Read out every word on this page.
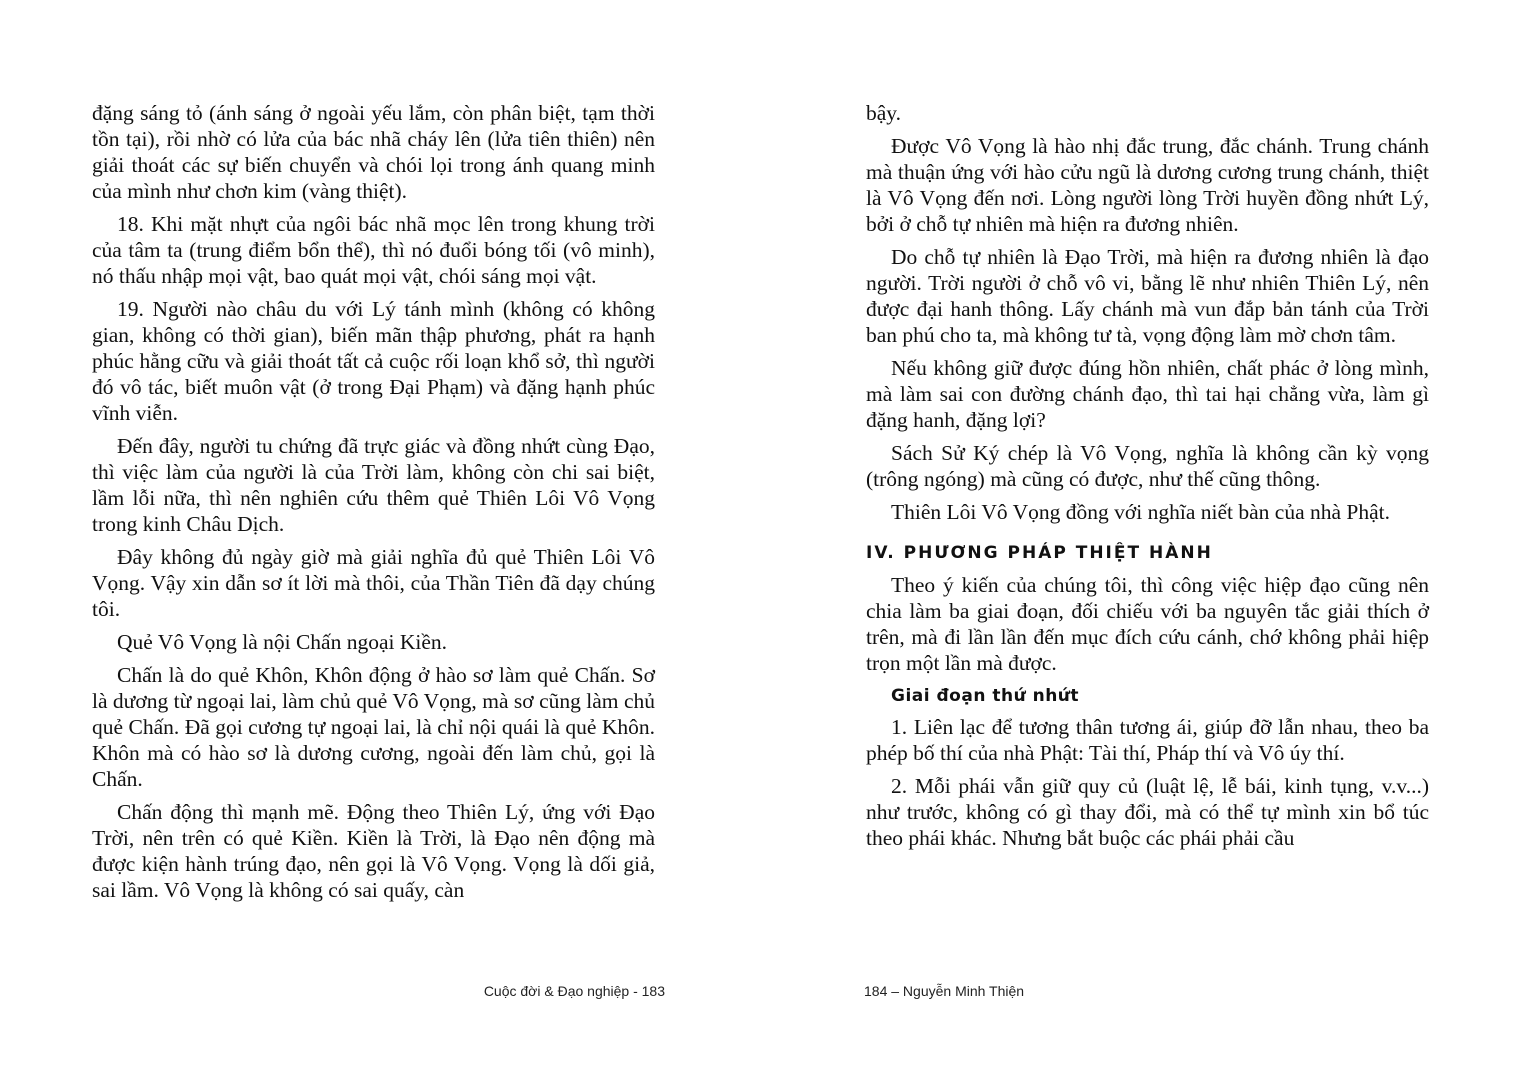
đặng sáng tỏ (ánh sáng ở ngoài yếu lắm, còn phân biệt, tạm thời tồn tại), rồi nhờ có lửa của bác nhã cháy lên (lửa tiên thiên) nên giải thoát các sự biến chuyển và chói lọi trong ánh quang minh của mình như chơn kim (vàng thiệt).

18. Khi mặt nhựt của ngôi bác nhã mọc lên trong khung trời của tâm ta (trung điểm bổn thể), thì nó đuổi bóng tối (vô minh), nó thấu nhập mọi vật, bao quát mọi vật, chói sáng mọi vật.

19. Người nào châu du với Lý tánh mình (không có không gian, không có thời gian), biến mãn thập phương, phát ra hạnh phúc hằng cữu và giải thoát tất cả cuộc rối loạn khổ sở, thì người đó vô tác, biết muôn vật (ở trong Đại Phạm) và đặng hạnh phúc vĩnh viễn.

Đến đây, người tu chứng đã trực giác và đồng nhứt cùng Đạo, thì việc làm của người là của Trời làm, không còn chi sai biệt, lầm lỗi nữa, thì nên nghiên cứu thêm quẻ Thiên Lôi Vô Vọng trong kinh Châu Dịch.

Đây không đủ ngày giờ mà giải nghĩa đủ quẻ Thiên Lôi Vô Vọng. Vậy xin dẫn sơ ít lời mà thôi, của Thần Tiên đã dạy chúng tôi.

Quẻ Vô Vọng là nội Chấn ngoại Kiền.

Chấn là do quẻ Khôn, Khôn động ở hào sơ làm quẻ Chấn. Sơ là dương từ ngoại lai, làm chủ quẻ Vô Vọng, mà sơ cũng làm chủ quẻ Chấn. Đã gọi cương tự ngoại lai, là chỉ nội quái là quẻ Khôn. Khôn mà có hào sơ là dương cương, ngoài đến làm chủ, gọi là Chấn.

Chấn động thì mạnh mẽ. Động theo Thiên Lý, ứng với Đạo Trời, nên trên có quẻ Kiền. Kiền là Trời, là Đạo nên động mà được kiện hành trúng đạo, nên gọi là Vô Vọng. Vọng là dối giả, sai lầm. Vô Vọng là không có sai quấy, càn

bậy.

Được Vô Vọng là hào nhị đắc trung, đắc chánh. Trung chánh mà thuận ứng với hào cửu ngũ là dương cương trung chánh, thiệt là Vô Vọng đến nơi. Lòng người lòng Trời huyền đồng nhứt Lý, bởi ở chỗ tự nhiên mà hiện ra đương nhiên.

Do chỗ tự nhiên là Đạo Trời, mà hiện ra đương nhiên là đạo người. Trời người ở chỗ vô vi, bằng lẽ như nhiên Thiên Lý, nên được đại hanh thông. Lấy chánh mà vun đắp bản tánh của Trời ban phú cho ta, mà không tư tà, vọng động làm mờ chơn tâm.

Nếu không giữ được đúng hồn nhiên, chất phác ở lòng mình, mà làm sai con đường chánh đạo, thì tai hại chẳng vừa, làm gì đặng hanh, đặng lợi?

Sách Sử Ký chép là Vô Vọng, nghĩa là không cần kỳ vọng (trông ngóng) mà cũng có được, như thế cũng thông.

Thiên Lôi Vô Vọng đồng với nghĩa niết bàn của nhà Phật.

IV. PHƯƠNG PHÁP THIỆT HÀNH

Theo ý kiến của chúng tôi, thì công việc hiệp đạo cũng nên chia làm ba giai đoạn, đối chiếu với ba nguyên tắc giải thích ở trên, mà đi lần lần đến mục đích cứu cánh, chớ không phải hiệp trọn một lần mà được.

Giai đoạn thứ nhứt

1. Liên lạc để tương thân tương ái, giúp đỡ lẫn nhau, theo ba phép bố thí của nhà Phật: Tài thí, Pháp thí và Vô úy thí.

2. Mỗi phái vẫn giữ quy củ (luật lệ, lễ bái, kinh tụng, v.v...) như trước, không có gì thay đổi, mà có thể tự mình xin bổ túc theo phái khác. Nhưng bắt buộc các phái phải cầu

Cuộc đời & Đạo nghiệp - 183	184 – Nguyễn Minh Thiện
